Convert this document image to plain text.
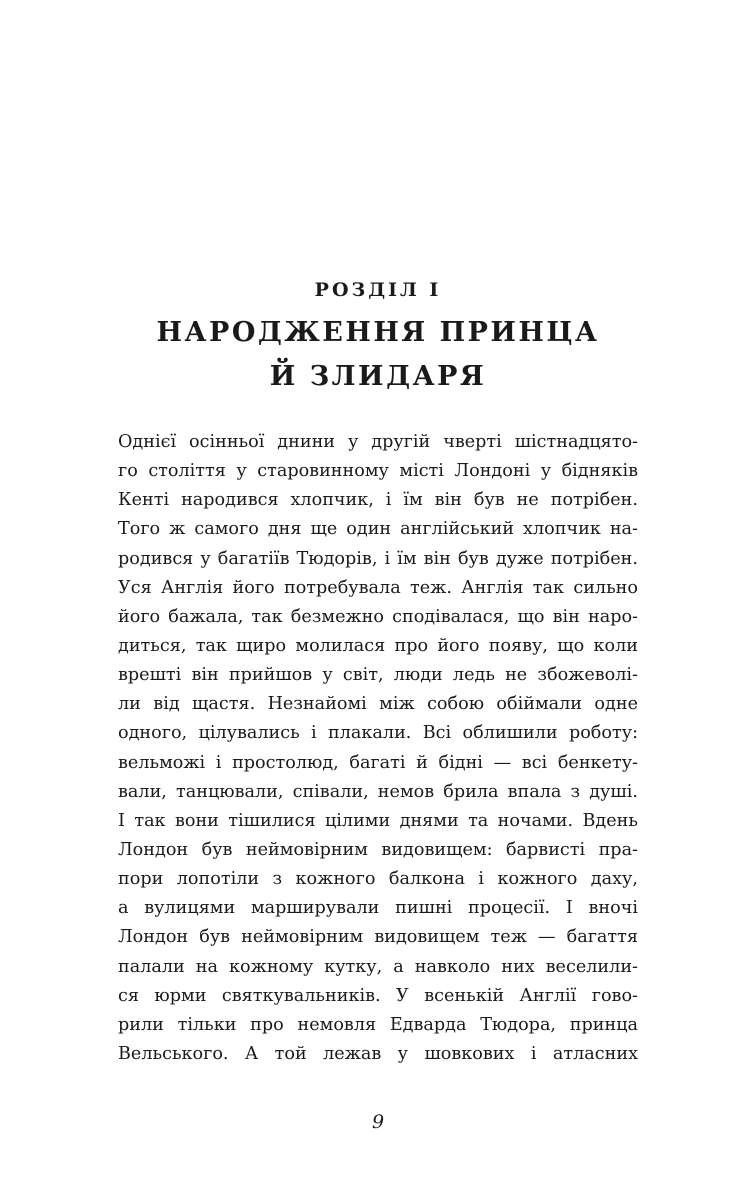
РОЗДІЛ І
НАРОДЖЕННЯ ПРИНЦА
Й ЗЛИДАРЯ
Однієї осінньої днини у другій чверті шістнадцято-
го століття у старовинному місті Лондоні у бідняків
Кенті народився хлопчик, і їм він був не потрібен.
Того ж самого дня ще один англійський хлопчик на-
родився у багатіїв Тюдорів, і їм він був дуже потрібен.
Уся Англія його потребувала теж. Англія так сильно
його бажала, так безмежно сподівалася, що він наро-
диться, так щиро молилася про його появу, що коли
врешті він прийшов у світ, люди ледь не збожеволі-
ли від щастя. Незнайомі між собою обіймали одне
одного, цілувались і плакали. Всі облишили роботу:
вельможі і простолюд, багаті й бідні — всі бенкету-
вали, танцювали, співали, немов брила впала з душі.
І так вони тішилися цілими днями та ночами. Вдень
Лондон був неймовірним видовищем: барвисті пра-
пори лопотіли з кожного балкона і кожного даху,
а вулицями марширували пишні процесії. І вночі
Лондон був неймовірним видовищем теж — багаття
палали на кожному кутку, а навколо них веселили-
ся юрми святкувальників. У всенькій Англії гово-
рили тільки про немовля Едварда Тюдора, принца
Вельського. А той лежав у шовкових і атласних
9
